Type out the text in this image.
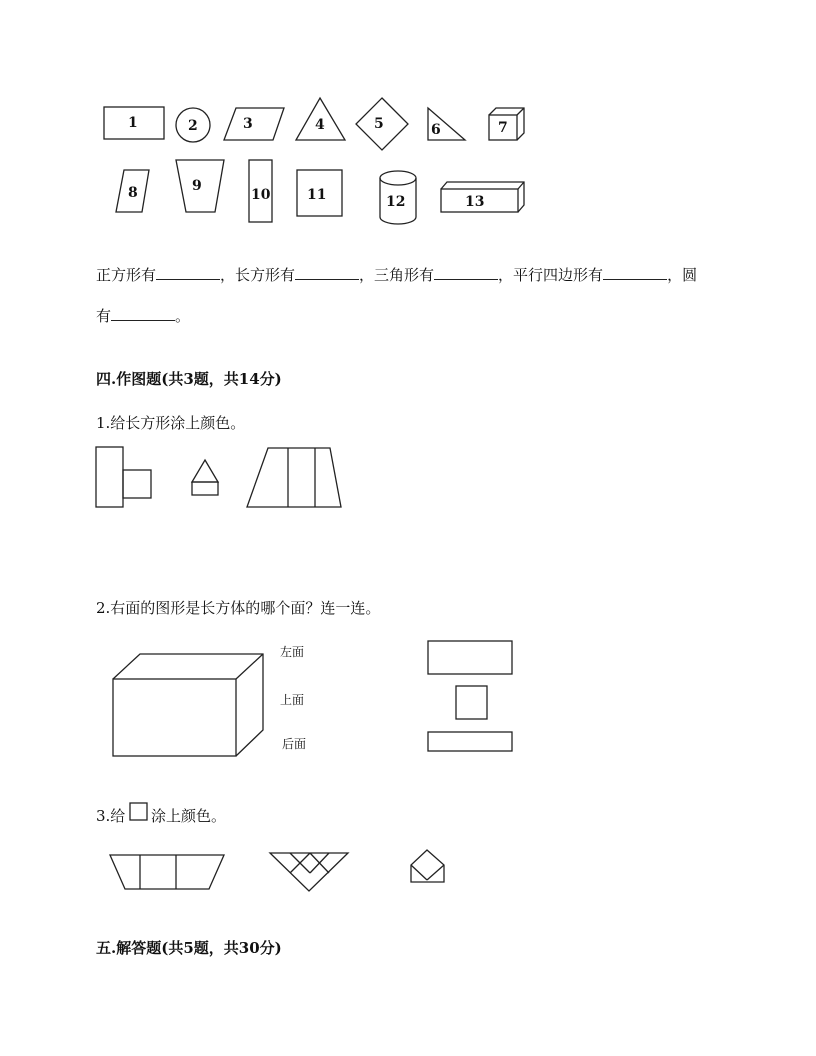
1	2	3	4	5	6	7
8	9
10	11	12	13
正方形有	，长方形有	，三角形有	，平行四边形有	，圆
有	。
四.作图题(共3题，共14分)
1.给长方形涂上颜色。
2.右面的图形是长方体的哪个面？连一连。
左面
上面
后面
3.给 涂上颜色。
五.解答题(共5题，共30分)
